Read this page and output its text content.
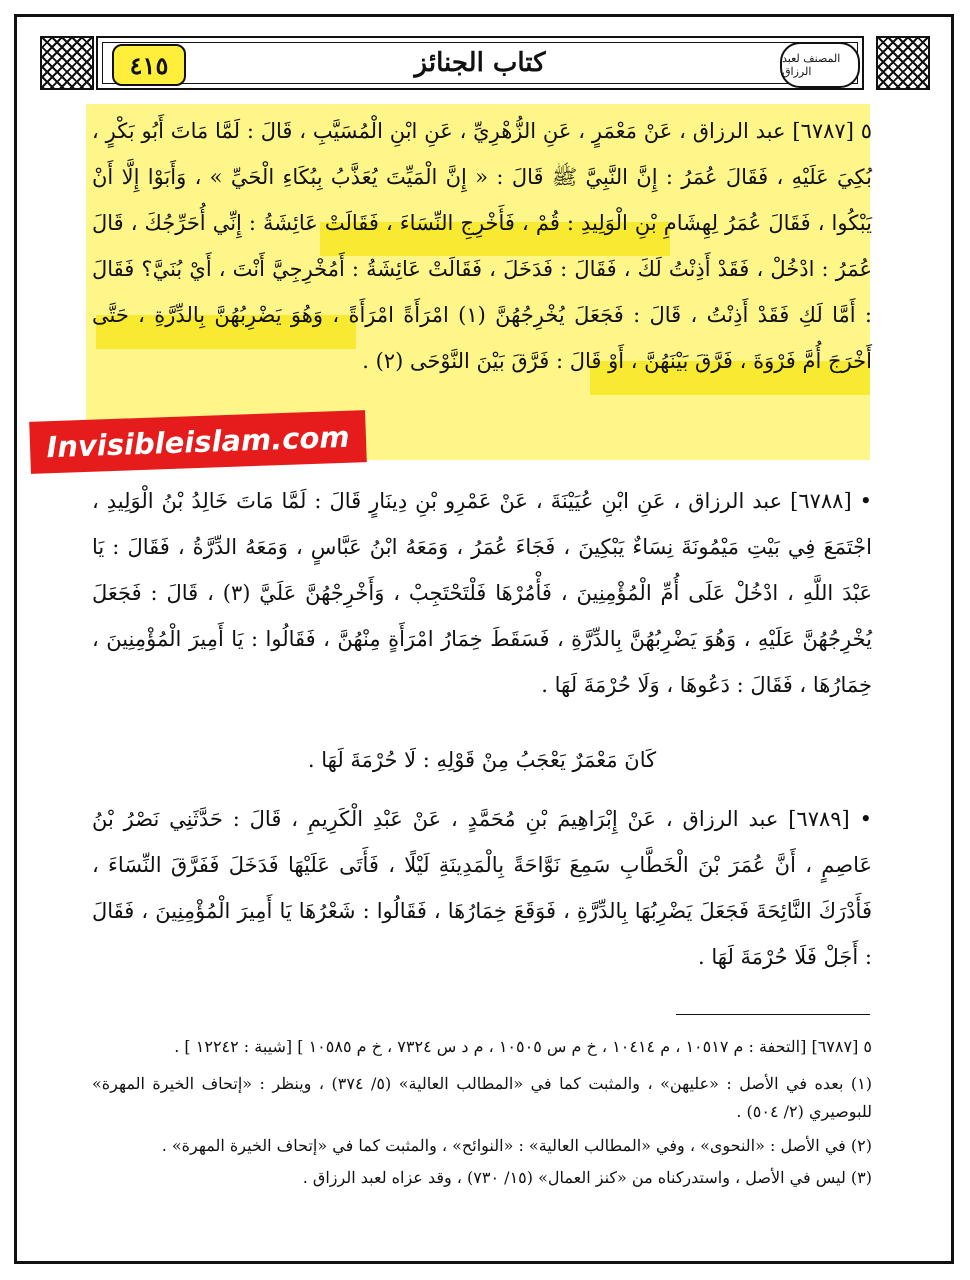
كتاب الجنائز
٤١٥	المصنف لعبد الرزاق

٥ [٦٧٨٧] عبد الرزاق ، عَنْ مَعْمَرٍ ، عَنِ الزُّهْرِيِّ ، عَنِ ابْنِ الْمُسَيَّبِ ، قَالَ : لَمَّا مَاتَ أَبُو بَكْرٍ ، بُكِيَ عَلَيْهِ ، فَقَالَ عُمَرُ : إِنَّ النَّبِيَّ ﷺ قَالَ : « إِنَّ الْمَيِّتَ يُعَذَّبُ بِبُكَاءِ الْحَيِّ » ، وَأَبَوْا إِلَّا أَنْ يَبْكُوا ، فَقَالَ عُمَرُ لِهِشَامِ بْنِ الْوَلِيدِ : قُمْ ، فَأَخْرِجِ النِّسَاءَ ، فَقَالَتْ عَائِشَةُ : إِنِّي أُحَرِّجُكَ ، قَالَ عُمَرُ : ادْخُلْ ، فَقَدْ أَذِنْتُ لَكَ ، فَقَالَ : فَدَخَلَ ، فَقَالَتْ عَائِشَةُ : أَمُخْرِجِيَّ أَنْتَ ، أَيْ بُنَيَّ؟ فَقَالَ : أَمَّا لَكِ فَقَدْ أَذِنْتُ ، قَالَ : فَجَعَلَ يُخْرِجُهُنَّ (١) امْرَأَةً امْرَأَةً ، وَهُوَ يَضْرِبُهُنَّ بِالدِّرَّةِ ، حَتَّى أَخْرَجَ أُمَّ فَرْوَةَ ، فَرَّقَ بَيْنَهُنَّ ، أَوْ قَالَ : فَرَّقَ بَيْنَ النَّوْحَى (٢) .

Invisibleislam.com

• [٦٧٨٨] عبد الرزاق ، عَنِ ابْنِ عُيَيْنَةَ ، عَنْ عَمْرِو بْنِ دِينَارٍ قَالَ : لَمَّا مَاتَ خَالِدُ بْنُ الْوَلِيدِ ، اجْتَمَعَ فِي بَيْتِ مَيْمُونَةَ نِسَاءٌ يَبْكِينَ ، فَجَاءَ عُمَرُ ، وَمَعَهُ ابْنُ عَبَّاسٍ ، وَمَعَهُ الدِّرَّةُ ، فَقَالَ : يَا عَبْدَ اللَّهِ ، ادْخُلْ عَلَى أُمِّ الْمُؤْمِنِينَ ، فَأْمُرْهَا فَلْتَحْتَجِبْ ، وَأَخْرِجْهُنَّ عَلَيَّ (٣) ، قَالَ : فَجَعَلَ يُخْرِجُهُنَّ عَلَيْهِ ، وَهُوَ يَضْرِبُهُنَّ بِالدِّرَّةِ ، فَسَقَطَ خِمَارُ امْرَأَةٍ مِنْهُنَّ ، فَقَالُوا : يَا أَمِيرَ الْمُؤْمِنِينَ ، خِمَارُهَا ، فَقَالَ : دَعُوهَا ، وَلَا حُرْمَةَ لَهَا .

كَانَ مَعْمَرٌ يَعْجَبُ مِنْ قَوْلِهِ : لَا حُرْمَةَ لَهَا .

• [٦٧٨٩] عبد الرزاق ، عَنْ إِبْرَاهِيمَ بْنِ مُحَمَّدٍ ، عَنْ عَبْدِ الْكَرِيمِ ، قَالَ : حَدَّثَنِي نَصْرُ بْنُ عَاصِمٍ ، أَنَّ عُمَرَ بْنَ الْخَطَّابِ سَمِعَ نَوَّاحَةً بِالْمَدِينَةِ لَيْلًا ، فَأَتَى عَلَيْهَا فَدَخَلَ فَفَرَّقَ النِّسَاءَ ، فَأَدْرَكَ النَّائِحَةَ فَجَعَلَ يَضْرِبُهَا بِالدِّرَّةِ ، فَوَقَعَ خِمَارُهَا ، فَقَالُوا : شَعْرُهَا يَا أَمِيرَ الْمُؤْمِنِينَ ، فَقَالَ : أَجَلْ فَلَا حُرْمَةَ لَهَا .

٥ [٦٧٨٧] [التحفة : م ١٠٥١٧ ، م ١٠٤١٤ ، خ م س ١٠٥٠٥ ، م د س ٧٣٢٤ ، خ م ١٠٥٨٥ ] [شيبة : ١٢٢٤٢ ] .

(١) بعده في الأصل : «عليهن» ، والمثبت كما في «المطالب العالية» (٥/ ٣٧٤) ، وينظر : «إتحاف الخيرة المهرة» للبوصيري (٢/ ٥٠٤) .

(٢) في الأصل : «النحوى» ، وفي «المطالب العالية» : «النوائح» ، والمثبت كما في «إتحاف الخيرة المهرة» .

(٣) ليس في الأصل ، واستدركناه من «كنز العمال» (١٥/ ٧٣٠) ، وقد عزاه لعبد الرزاق .
